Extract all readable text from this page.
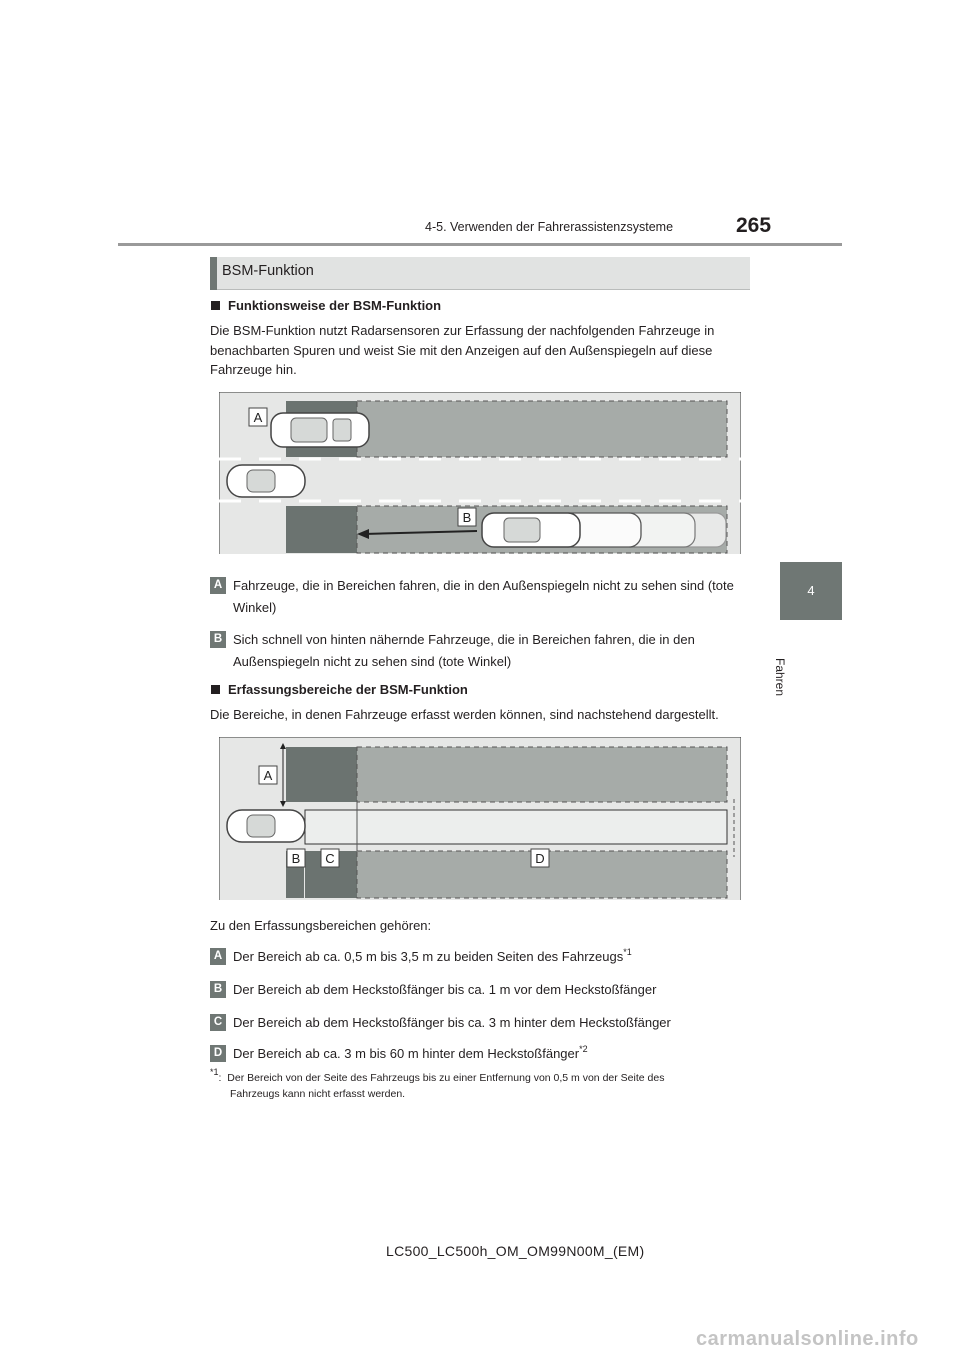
4-5. Verwenden der Fahrerassistenzsysteme	265
4
Fahren
BSM-Funktion
Funktionsweise der BSM-Funktion
Die BSM-Funktion nutzt Radarsensoren zur Erfassung der nachfolgenden Fahrzeuge in
benachbarten Spuren und weist Sie mit den Anzeigen auf den Außenspiegeln auf diese
Fahrzeuge hin.
A
B
A Fahrzeuge, die in Bereichen fahren, die in den Außenspiegeln nicht zu sehen sind (tote
Winkel)
B Sich schnell von hinten nähernde Fahrzeuge, die in Bereichen fahren, die in den
Außenspiegeln nicht zu sehen sind (tote Winkel)
Erfassungsbereiche der BSM-Funktion
Die Bereiche, in denen Fahrzeuge erfasst werden können, sind nachstehend dargestellt.
A
B C	D
Zu den Erfassungsbereichen gehören:
A Der Bereich ab ca. 0,5 m bis 3,5 m zu beiden Seiten des Fahrzeugs$^{*1}$
B Der Bereich ab dem Heckstoßfänger bis ca. 1 m vor dem Heckstoßfänger
C Der Bereich ab dem Heckstoßfänger bis ca. 3 m hinter dem Heckstoßfänger
D Der Bereich ab ca. 3 m bis 60 m hinter dem Heckstoßfänger$^{*2}$
$^{*1}$: Der Bereich von der Seite des Fahrzeugs bis zu einer Entfernung von 0,5 m von der Seite des
Fahrzeugs kann nicht erfasst werden.
LC500_LC500h_OM_OM99N00M_(EM)
carmanualsonline.info
